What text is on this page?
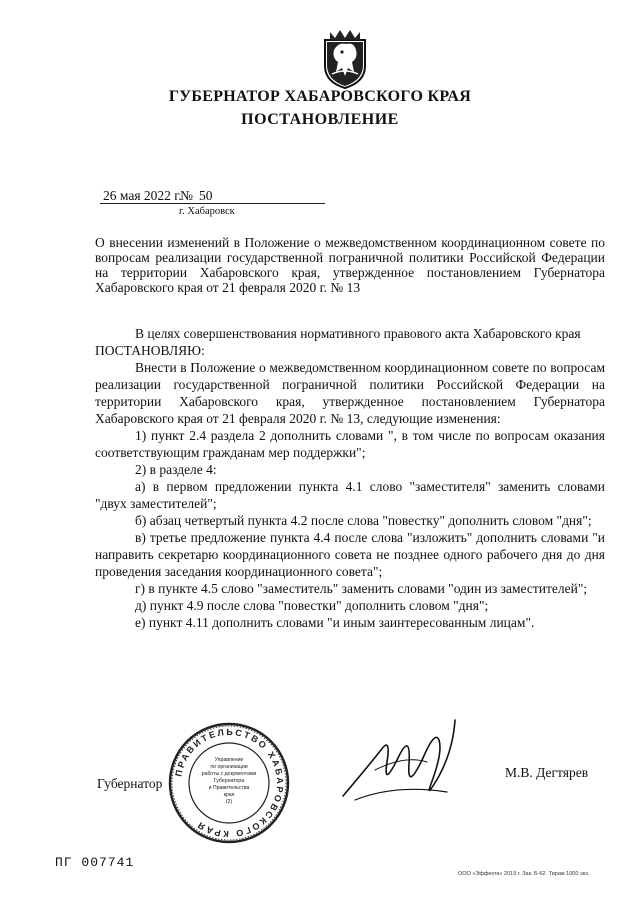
ГУБЕРНАТОР ХАБАРОВСКОГО КРАЯ
ПОСТАНОВЛЕНИЕ
26 мая 2022 г.№ 50
г. Хабаровск
О внесении изменений в Положение о межведомственном координационном совете по вопросам реализации государственной пограничной политики Российской Федерации на территории Хабаровского края, утвержденное постановлением Губернатора Хабаровского края от 21 февраля 2020 г. № 13

В целях совершенствования нормативного правового акта Хабаровского края

ПОСТАНОВЛЯЮ:

Внести в Положение о межведомственном координационном совете по вопросам реализации государственной пограничной политики Российской Федерации на территории Хабаровского края, утвержденное постановлением Губернатора Хабаровского края от 21 февраля 2020 г. № 13, следующие изменения:

1) пункт 2.4 раздела 2 дополнить словами ", в том числе по вопросам оказания соответствующим гражданам мер поддержки";

2) в разделе 4:

а) в первом предложении пункта 4.1 слово "заместителя" заменить словами "двух заместителей";

б) абзац четвертый пункта 4.2 после слова "повестку" дополнить словом "дня";

в) третье предложение пункта 4.4 после слова "изложить" дополнить словами "и направить секретарю координационного совета не позднее одного рабочего дня до дня проведения заседания координационного совета";

г) в пункте 4.5 слово "заместитель" заменить словами "один из заместителей";

д) пункт 4.9 после слова "повестки" дополнить словом "дня";

е) пункт 4.11 дополнить словами "и иным заинтересованным лицам".

Губернатор
ПРАВИТЕЛЬСТВО ХАБАРОВСКОГО КРАЯ
Управление
по организации
работы с документами
Губернатора
и Правительства
края
(2)
М.В. Дегтярев
ПГ 007741
ООО «Эффекта» 2019 г. Зак. Б-62. Тираж 1000 экз.
